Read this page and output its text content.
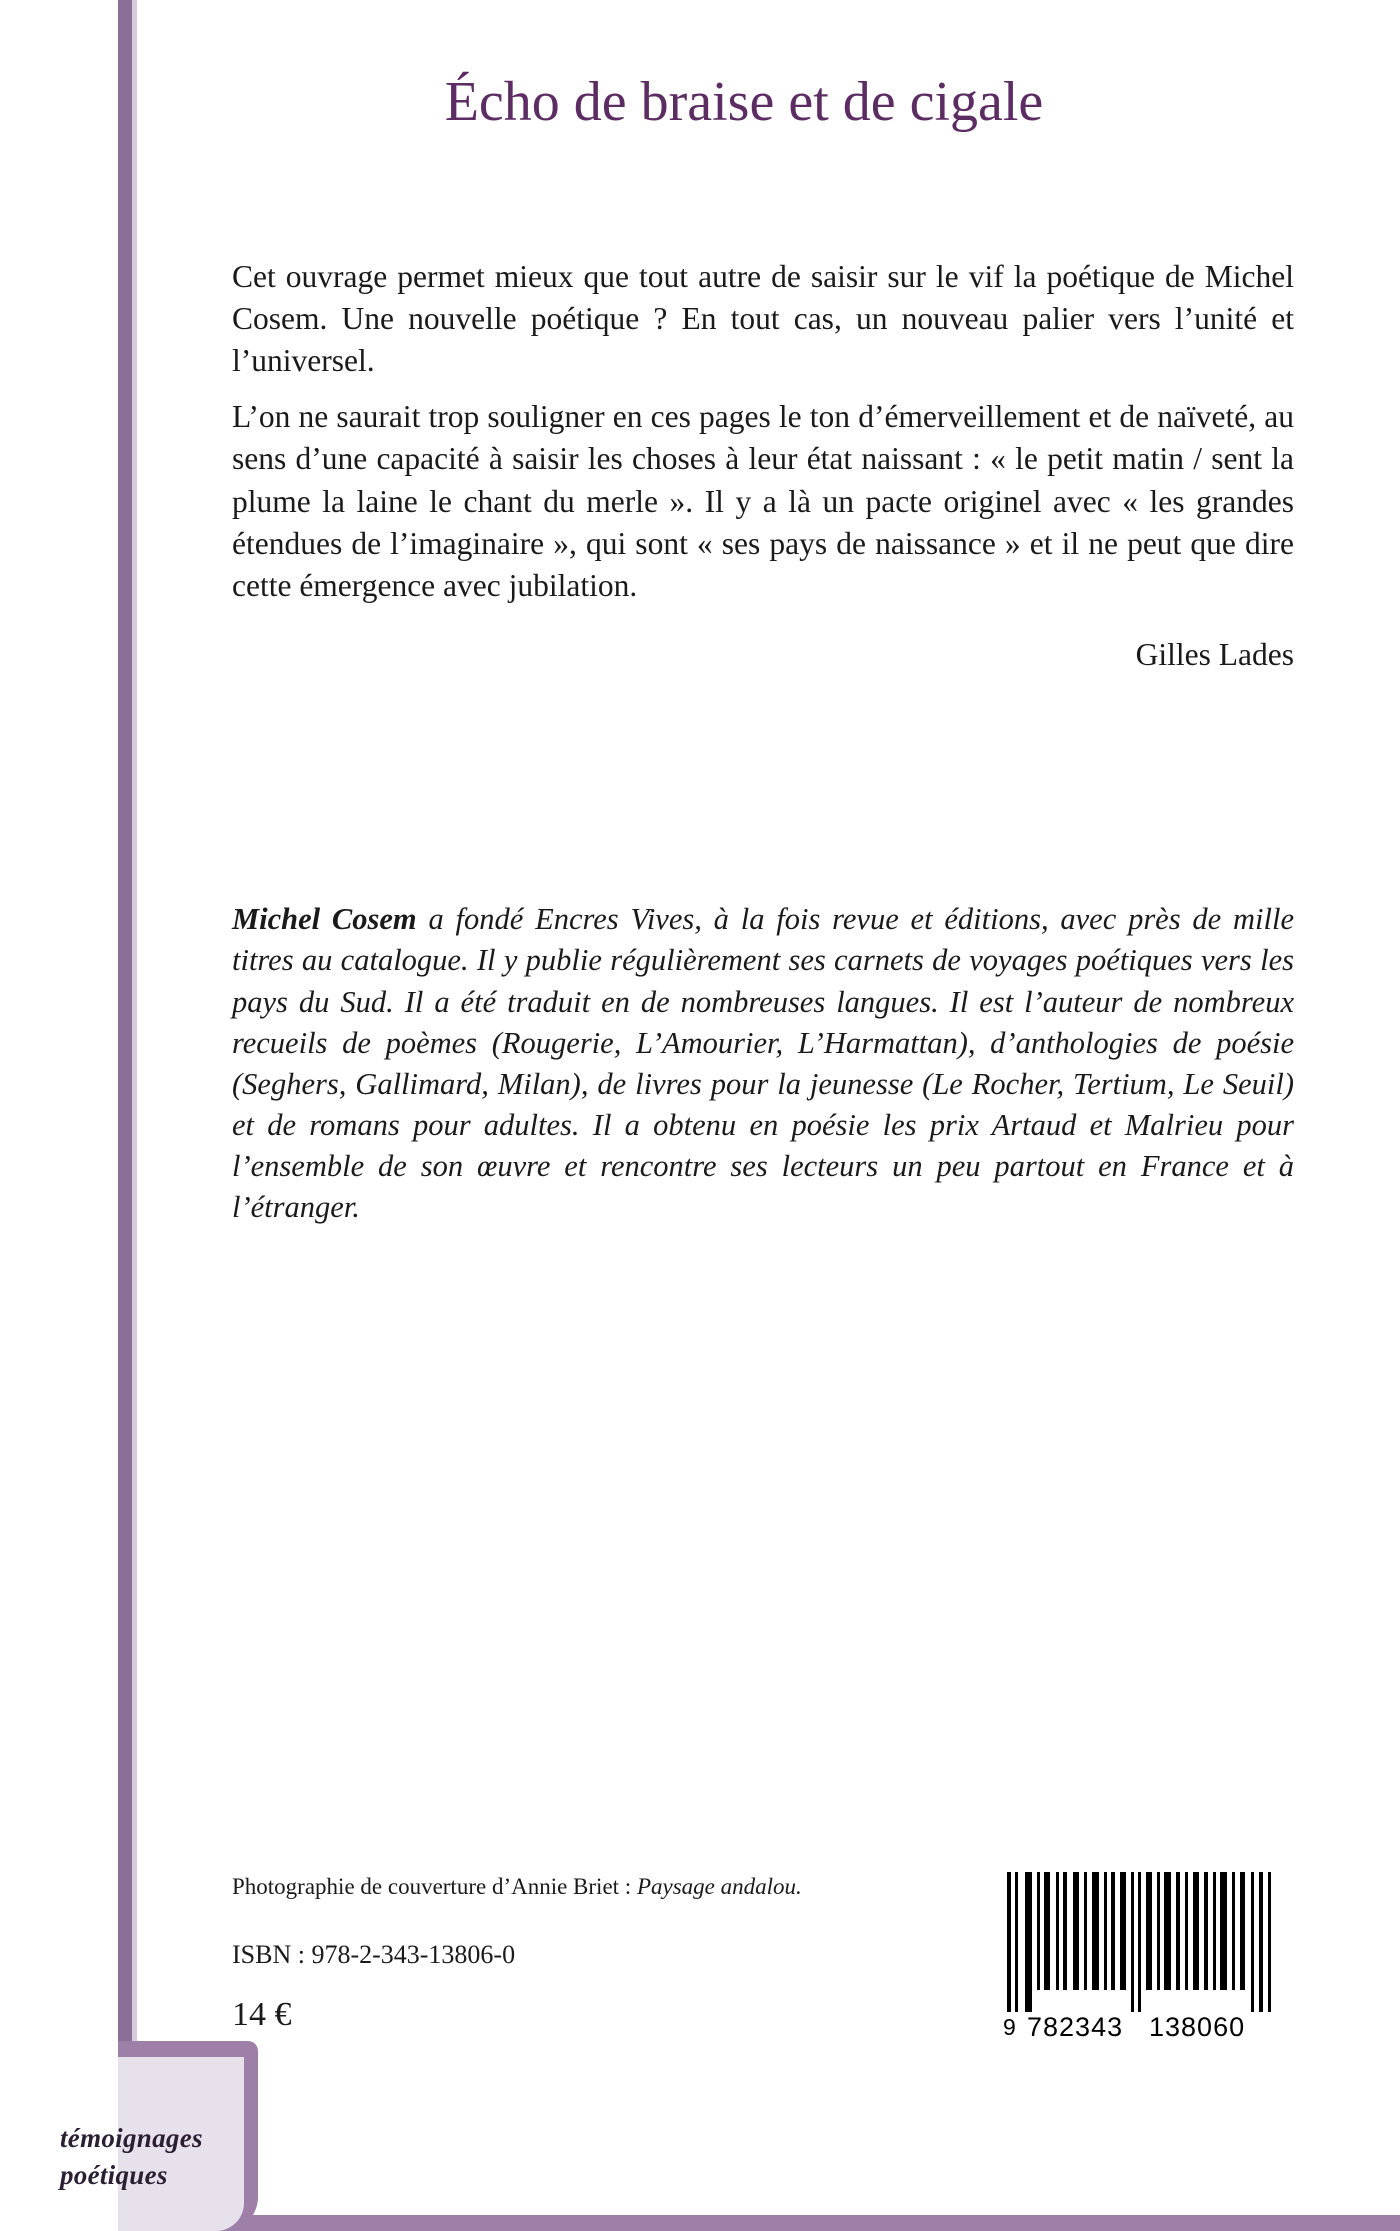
Écho de braise et de cigale

Cet ouvrage permet mieux que tout autre de saisir sur le vif la poétique de Michel Cosem. Une nouvelle poétique ? En tout cas, un nouveau palier vers l’unité et l’universel.

L’on ne saurait trop souligner en ces pages le ton d’émerveillement et de naïveté, au sens d’une capacité à saisir les choses à leur état naissant : « le petit matin / sent la plume la laine le chant du merle ». Il y a là un pacte originel avec « les grandes étendues de l’imaginaire », qui sont « ses pays de naissance » et il ne peut que dire cette émergence avec jubilation.

Gilles Lades
Michel Cosem a fondé Encres Vives, à la fois revue et éditions, avec près de mille titres au catalogue. Il y publie régulièrement ses carnets de voyages poétiques vers les pays du Sud. Il a été traduit en de nombreuses langues. Il est l’auteur de nombreux recueils de poèmes (Rougerie, L’Amourier, L’Harmattan), d’anthologies de poésie (Seghers, Gallimard, Milan), de livres pour la jeunesse (Le Rocher, Tertium, Le Seuil) et de romans pour adultes. Il a obtenu en poésie les prix Artaud et Malrieu pour l’ensemble de son œuvre et rencontre ses lecteurs un peu partout en France et à l’étranger.
Photographie de couverture d’Annie Briet : Paysage andalou.
ISBN : 978-2-343-13806-0
14 €	9 782343 138060
témoignages poétiques
